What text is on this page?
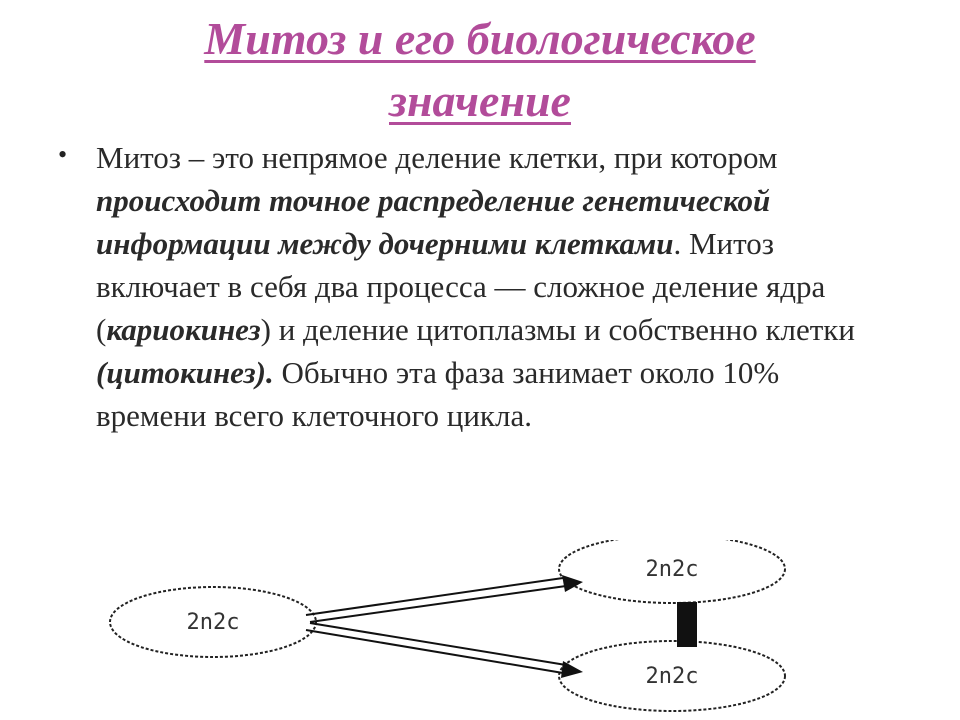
Митоз и его биологическое
значение
• Митоз – это непрямое деление клетки, при котором происходит точное распределение генетической информации между дочерними клетками. Митоз включает в себя два процесса — сложное деление ядра (кариокинез) и деление цитоплазмы и собственно клетки (цитокинез). Обычно эта фаза занимает около 10% времени всего клеточного цикла.
2n2c
2n2c
2n2c
